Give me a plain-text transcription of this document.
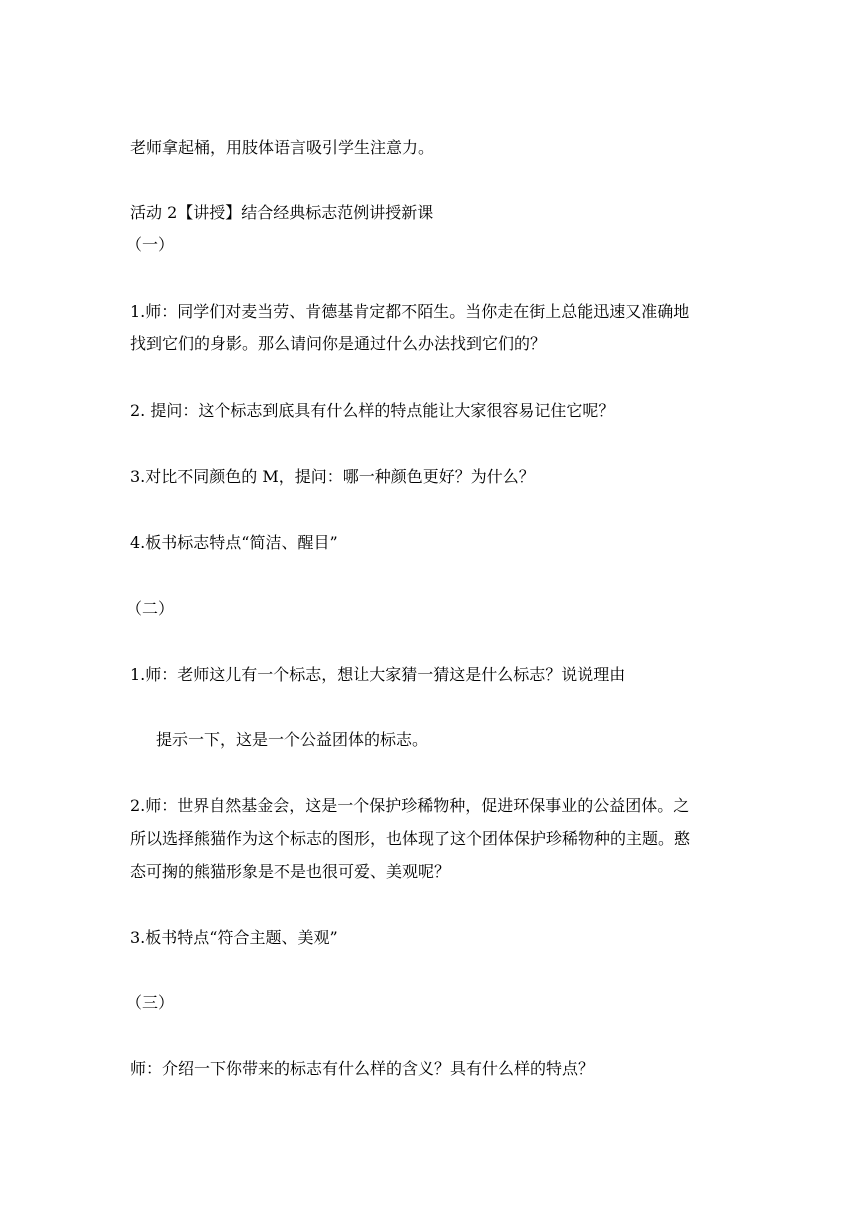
老师拿起桶，用肢体语言吸引学生注意力。
活动 2【讲授】结合经典标志范例讲授新课
（一）
1.师：同学们对麦当劳、肯德基肯定都不陌生。当你走在街上总能迅速又准确地
找到它们的身影。那么请问你是通过什么办法找到它们的？
2. 提问：这个标志到底具有什么样的特点能让大家很容易记住它呢？
3.对比不同颜色的 M，提问：哪一种颜色更好？为什么？
4.板书标志特点“简洁、醒目”
（二）
1.师：老师这儿有一个标志，想让大家猜一猜这是什么标志？说说理由
提示一下，这是一个公益团体的标志。
2.师：世界自然基金会，这是一个保护珍稀物种，促进环保事业的公益团体。之
所以选择熊猫作为这个标志的图形，也体现了这个团体保护珍稀物种的主题。憨
态可掬的熊猫形象是不是也很可爱、美观呢？
3.板书特点“符合主题、美观”
（三）
师：介绍一下你带来的标志有什么样的含义？具有什么样的特点？
